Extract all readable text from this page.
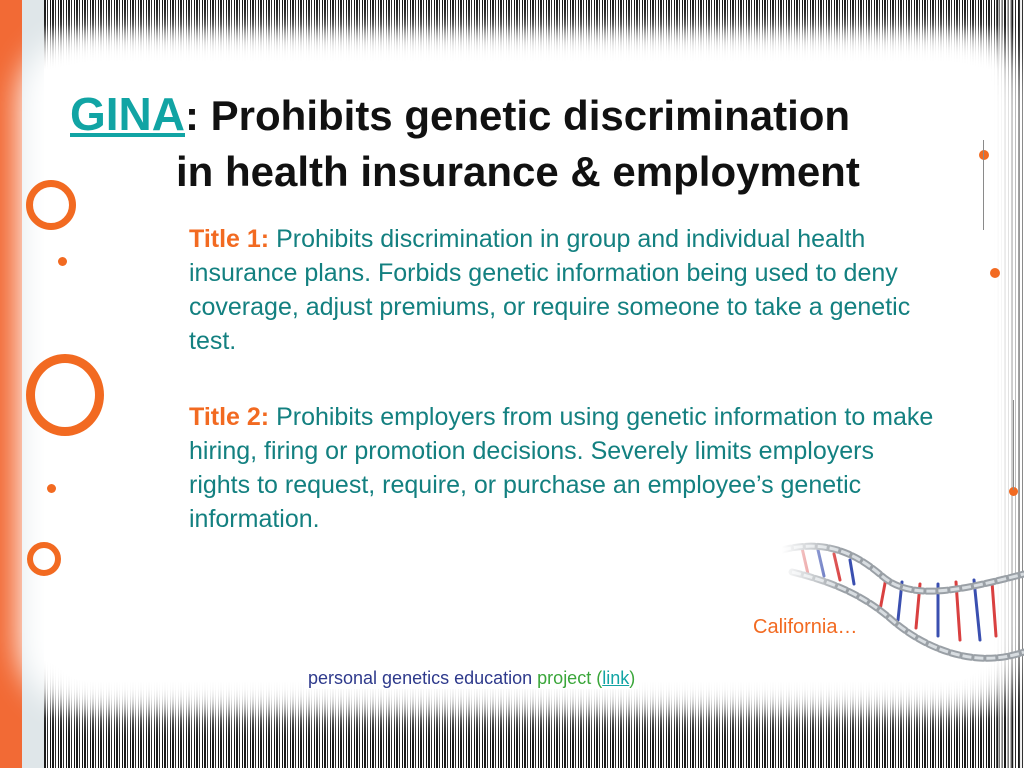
GINA: Prohibits genetic discrimination
in health insurance & employment

Title 1: Prohibits discrimination in group and individual health insurance plans. Forbids genetic information being used to deny coverage, adjust premiums, or require someone to take a genetic test.

Title 2: Prohibits employers from using genetic information to make hiring, firing or promotion decisions. Severely limits employers rights to request, require, or purchase an employee’s genetic information.

California…
personal genetics education project (link)
